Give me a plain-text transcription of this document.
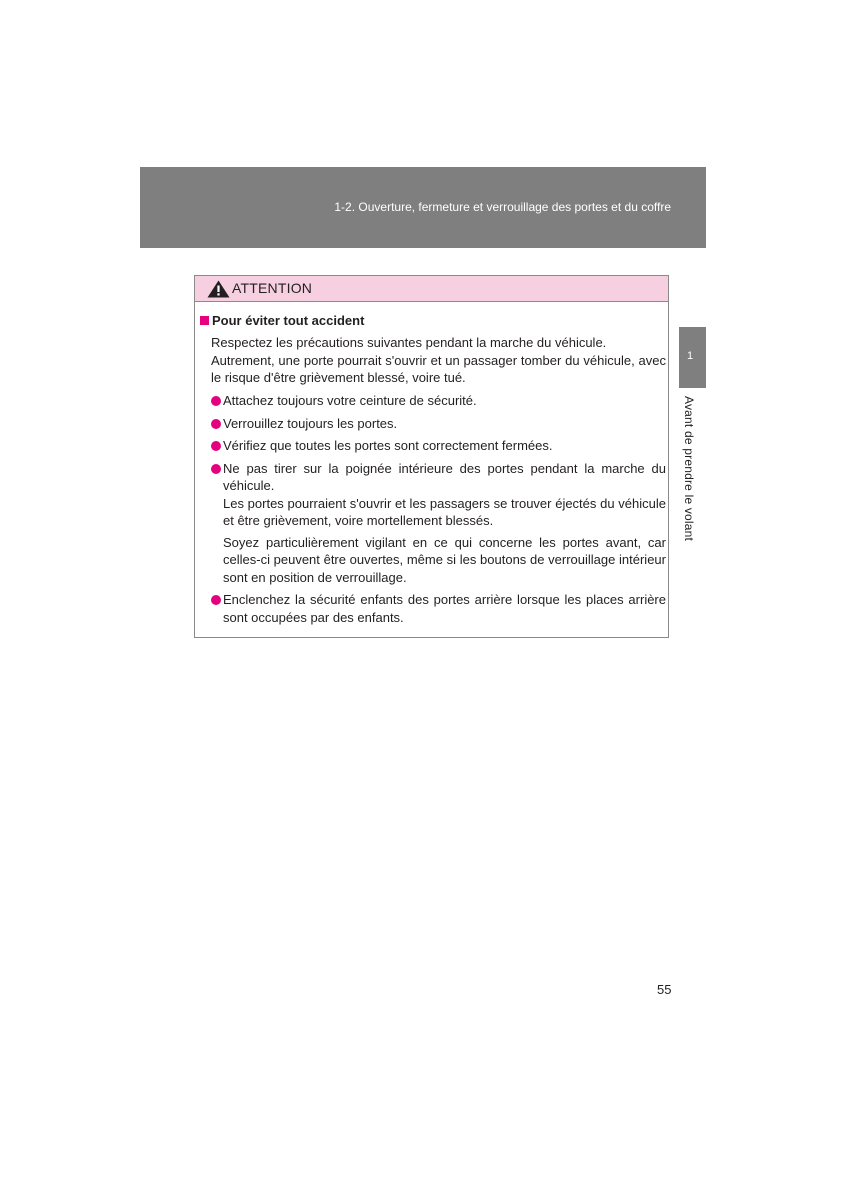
1-2. Ouverture, fermeture et verrouillage des portes et du coffre
1
Avant de prendre le volant
ATTENTION
Pour éviter tout accident

Respectez les précautions suivantes pendant la marche du véhicule.

Autrement, une porte pourrait s'ouvrir et un passager tomber du véhicule, avec le risque d'être grièvement blessé, voire tué.

Attachez toujours votre ceinture de sécurité.

Verrouillez toujours les portes.

Vérifiez que toutes les portes sont correctement fermées.

Ne pas tirer sur la poignée intérieure des portes pendant la marche du véhicule.

Les portes pourraient s'ouvrir et les passagers se trouver éjectés du véhicule et être grièvement, voire mortellement blessés.

Soyez particulièrement vigilant en ce qui concerne les portes avant, car celles-ci peuvent être ouvertes, même si les boutons de verrouillage intérieur sont en position de verrouillage.

Enclenchez la sécurité enfants des portes arrière lorsque les places arrière sont occupées par des enfants.

55
